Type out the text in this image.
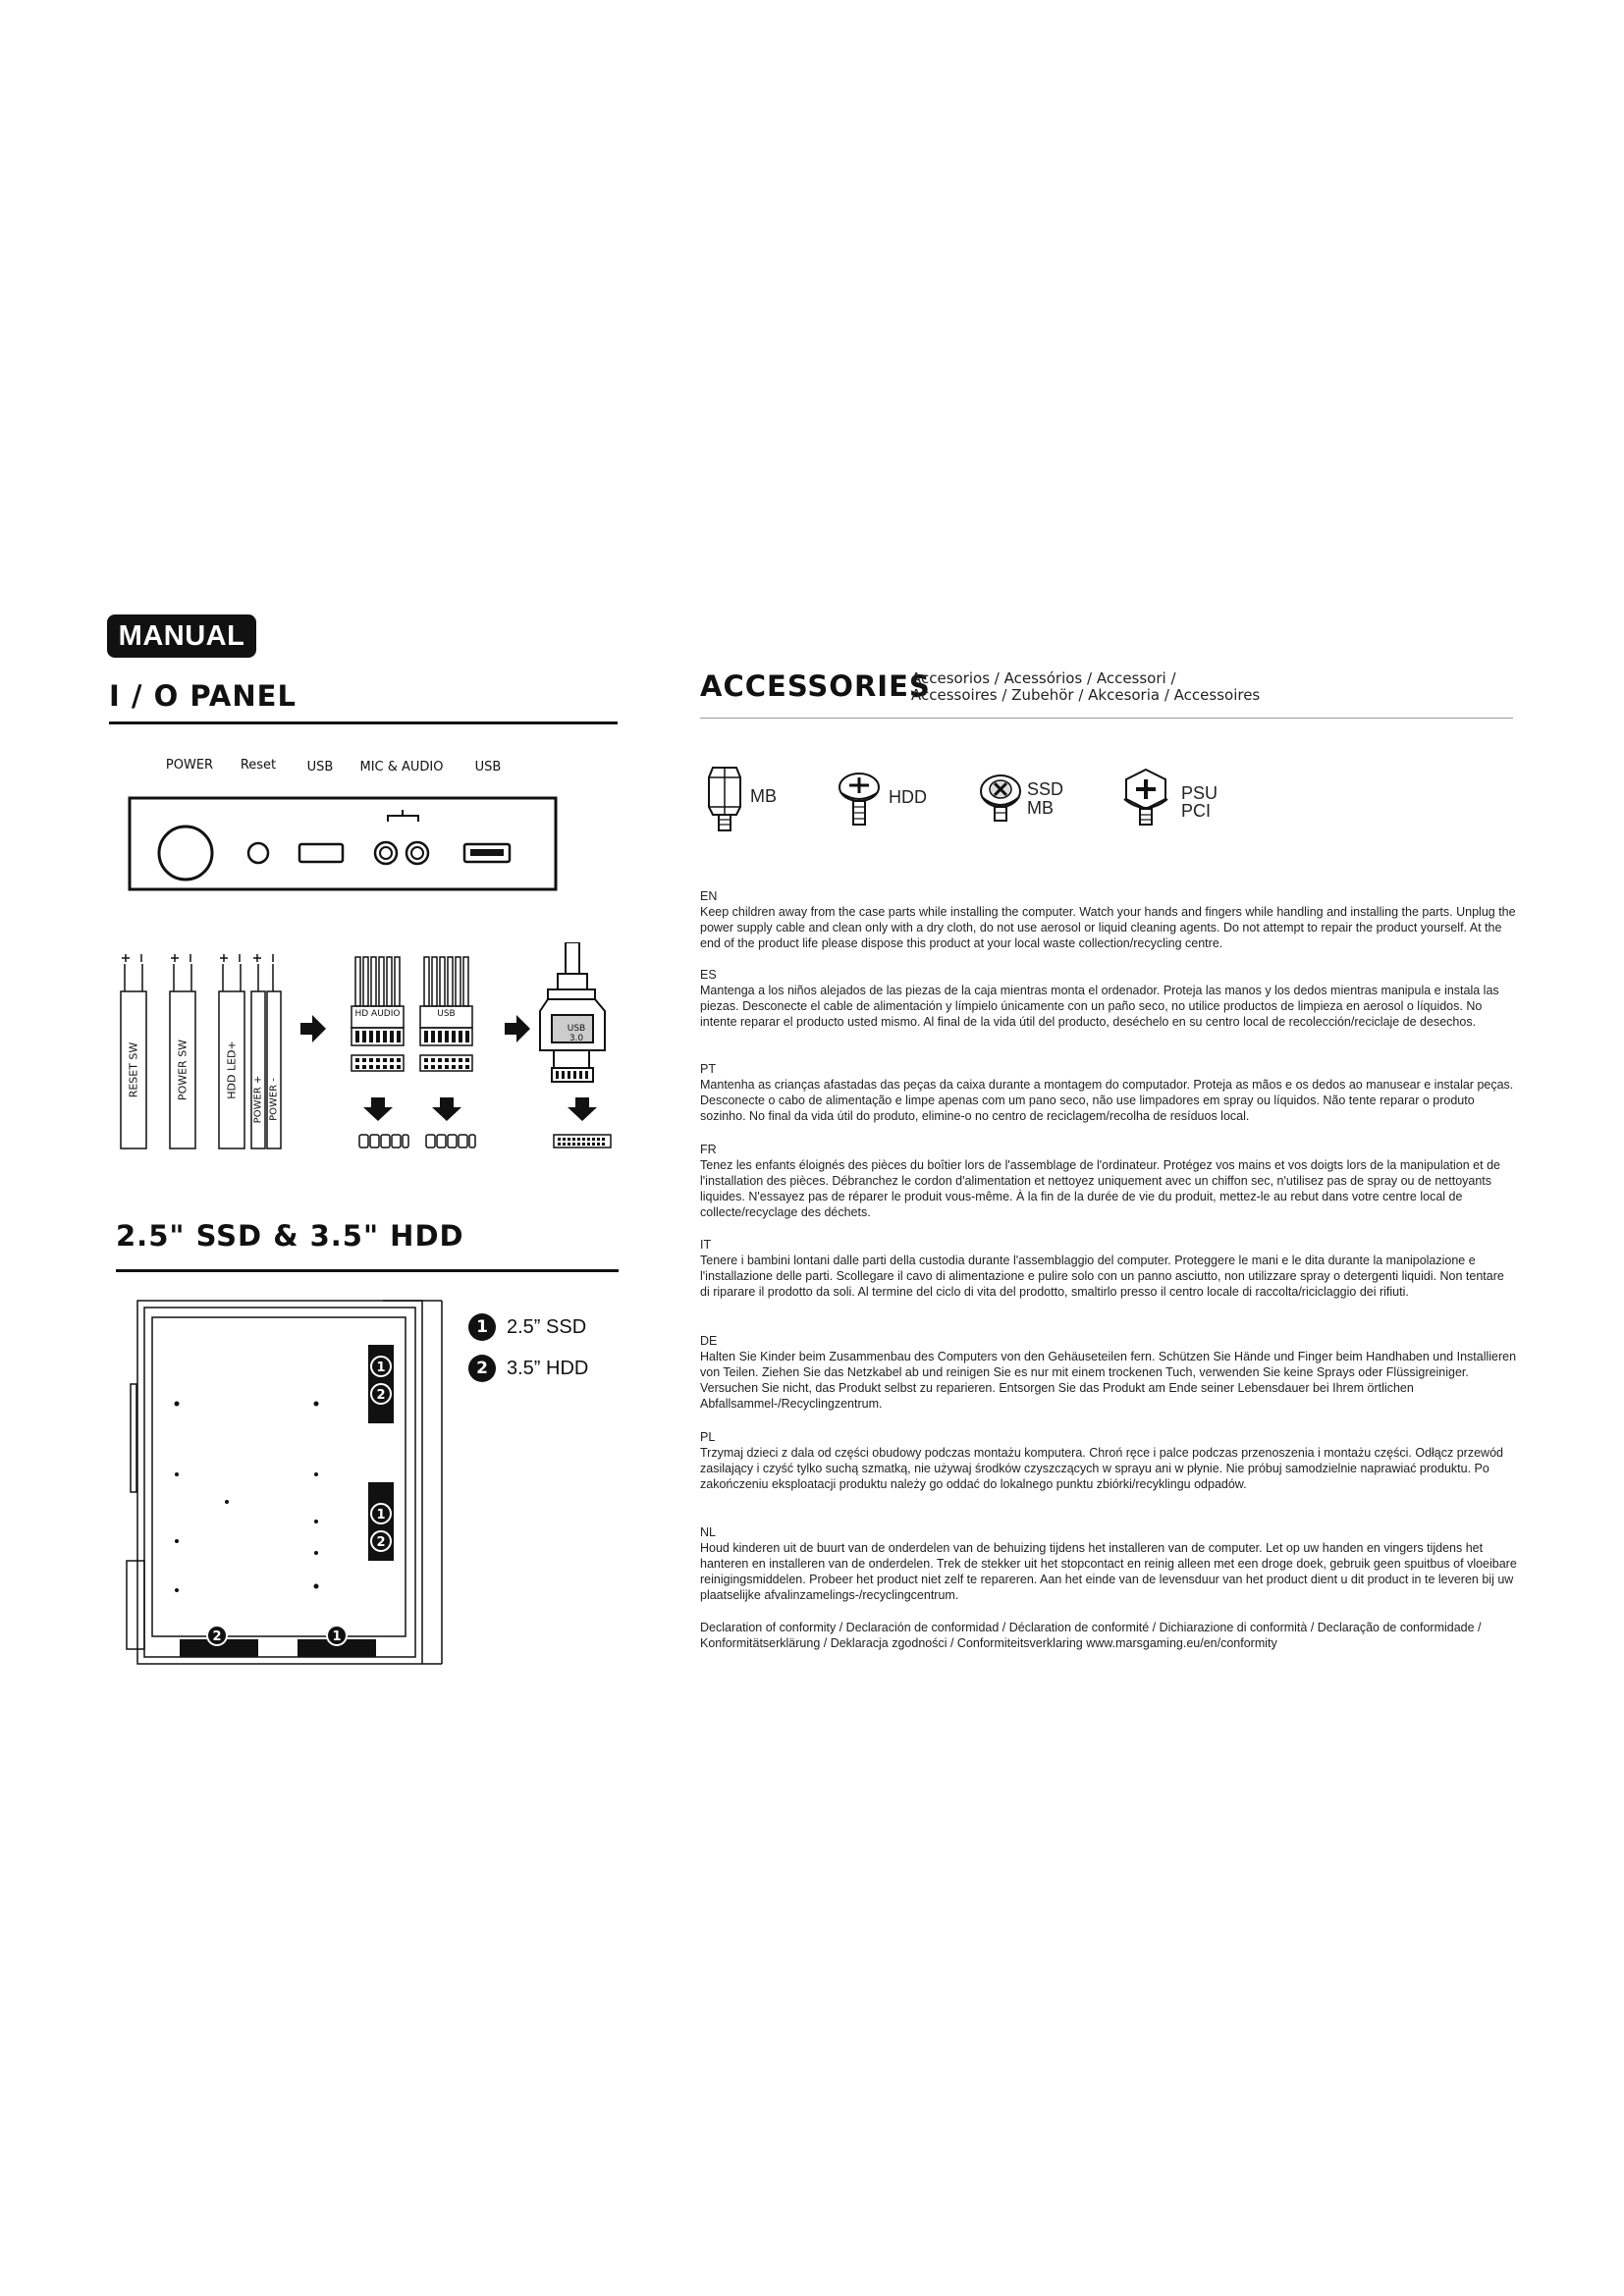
MANUAL
I / O PANEL
POWER	Reset	USB	MIC & AUDIO	USB
RESET SW	POWER SW	HDD LED+
POWER + POWER -
HD AUDIO	USB
USB 3.0
2.5" SSD & 3.5" HDD
1
2
1
2
2	1
1
2
2.5” SSD
3.5” HDD
ACCESSORIES
Accesorios / Acessórios / Accessori /
Accessoires / Zubehör / Akcesoria / Accessoires
MB	HDD	SSD
MB
PSU
PCI
EN

Keep children away from the case parts while installing the computer. Watch your hands and fingers while handling and installing the parts. Unplug the power supply cable and clean only with a dry cloth, do not use aerosol or liquid cleaning agents. Do not attempt to repair the product yourself. At the end of the product life please dispose this product at your local waste collection/recycling centre.

ES

Mantenga a los niños alejados de las piezas de la caja mientras monta el ordenador. Proteja las manos y los dedos mientras manipula e instala las piezas. Desconecte el cable de alimentación y límpielo únicamente con un paño seco, no utilice productos de limpieza en aerosol o líquidos. No intente reparar el producto usted mismo. Al final de la vida útil del producto, deséchelo en su centro local de recolección/reciclaje de desechos.

PT

Mantenha as crianças afastadas das peças da caixa durante a montagem do computador. Proteja as mãos e os dedos ao manusear e instalar peças. Desconecte o cabo de alimentação e limpe apenas com um pano seco, não use limpadores em spray ou líquidos. Não tente reparar o produto sozinho. No final da vida útil do produto, elimine-o no centro de reciclagem/recolha de resíduos local.

FR

Tenez les enfants éloignés des pièces du boîtier lors de l'assemblage de l'ordinateur. Protégez vos mains et vos doigts lors de la manipulation et de l'installation des pièces. Débranchez le cordon d'alimentation et nettoyez uniquement avec un chiffon sec, n'utilisez pas de spray ou de nettoyants liquides. N'essayez pas de réparer le produit vous-même. À la fin de la durée de vie du produit, mettez-le au rebut dans votre centre local de collecte/recyclage des déchets.

IT

Tenere i bambini lontani dalle parti della custodia durante l'assemblaggio del computer. Proteggere le mani e le dita durante la manipolazione e l'installazione delle parti. Scollegare il cavo di alimentazione e pulire solo con un panno asciutto, non utilizzare spray o detergenti liquidi. Non tentare di riparare il prodotto da soli. Al termine del ciclo di vita del prodotto, smaltirlo presso il centro locale di raccolta/riciclaggio dei rifiuti.

DE

Halten Sie Kinder beim Zusammenbau des Computers von den Gehäuseteilen fern. Schützen Sie Hände und Finger beim Handhaben und Installieren von Teilen. Ziehen Sie das Netzkabel ab und reinigen Sie es nur mit einem trockenen Tuch, verwenden Sie keine Sprays oder Flüssigreiniger. Versuchen Sie nicht, das Produkt selbst zu reparieren. Entsorgen Sie das Produkt am Ende seiner Lebensdauer bei Ihrem örtlichen Abfallsammel-/Recyclingzentrum.

PL

Trzymaj dzieci z dala od części obudowy podczas montażu komputera. Chroń ręce i palce podczas przenoszenia i montażu części. Odłącz przewód zasilający i czyść tylko suchą szmatką, nie używaj środków czyszczących w sprayu ani w płynie. Nie próbuj samodzielnie naprawiać produktu. Po zakończeniu eksploatacji produktu należy go oddać do lokalnego punktu zbiórki/recyklingu odpadów.

NL

Houd kinderen uit de buurt van de onderdelen van de behuizing tijdens het installeren van de computer. Let op uw handen en vingers tijdens het hanteren en installeren van de onderdelen. Trek de stekker uit het stopcontact en reinig alleen met een droge doek, gebruik geen spuitbus of vloeibare reinigingsmiddelen. Probeer het product niet zelf te repareren. Aan het einde van de levensduur van het product dient u dit product in te leveren bij uw plaatselijke afvalinzamelings-/recyclingcentrum.

Declaration of conformity / Declaración de conformidad / Déclaration de conformité / Dichiarazione di conformità / Declaração de conformidade / Konformitätserklärung / Deklaracja zgodności / Conformiteitsverklaring www.marsgaming.eu/en/conformity
